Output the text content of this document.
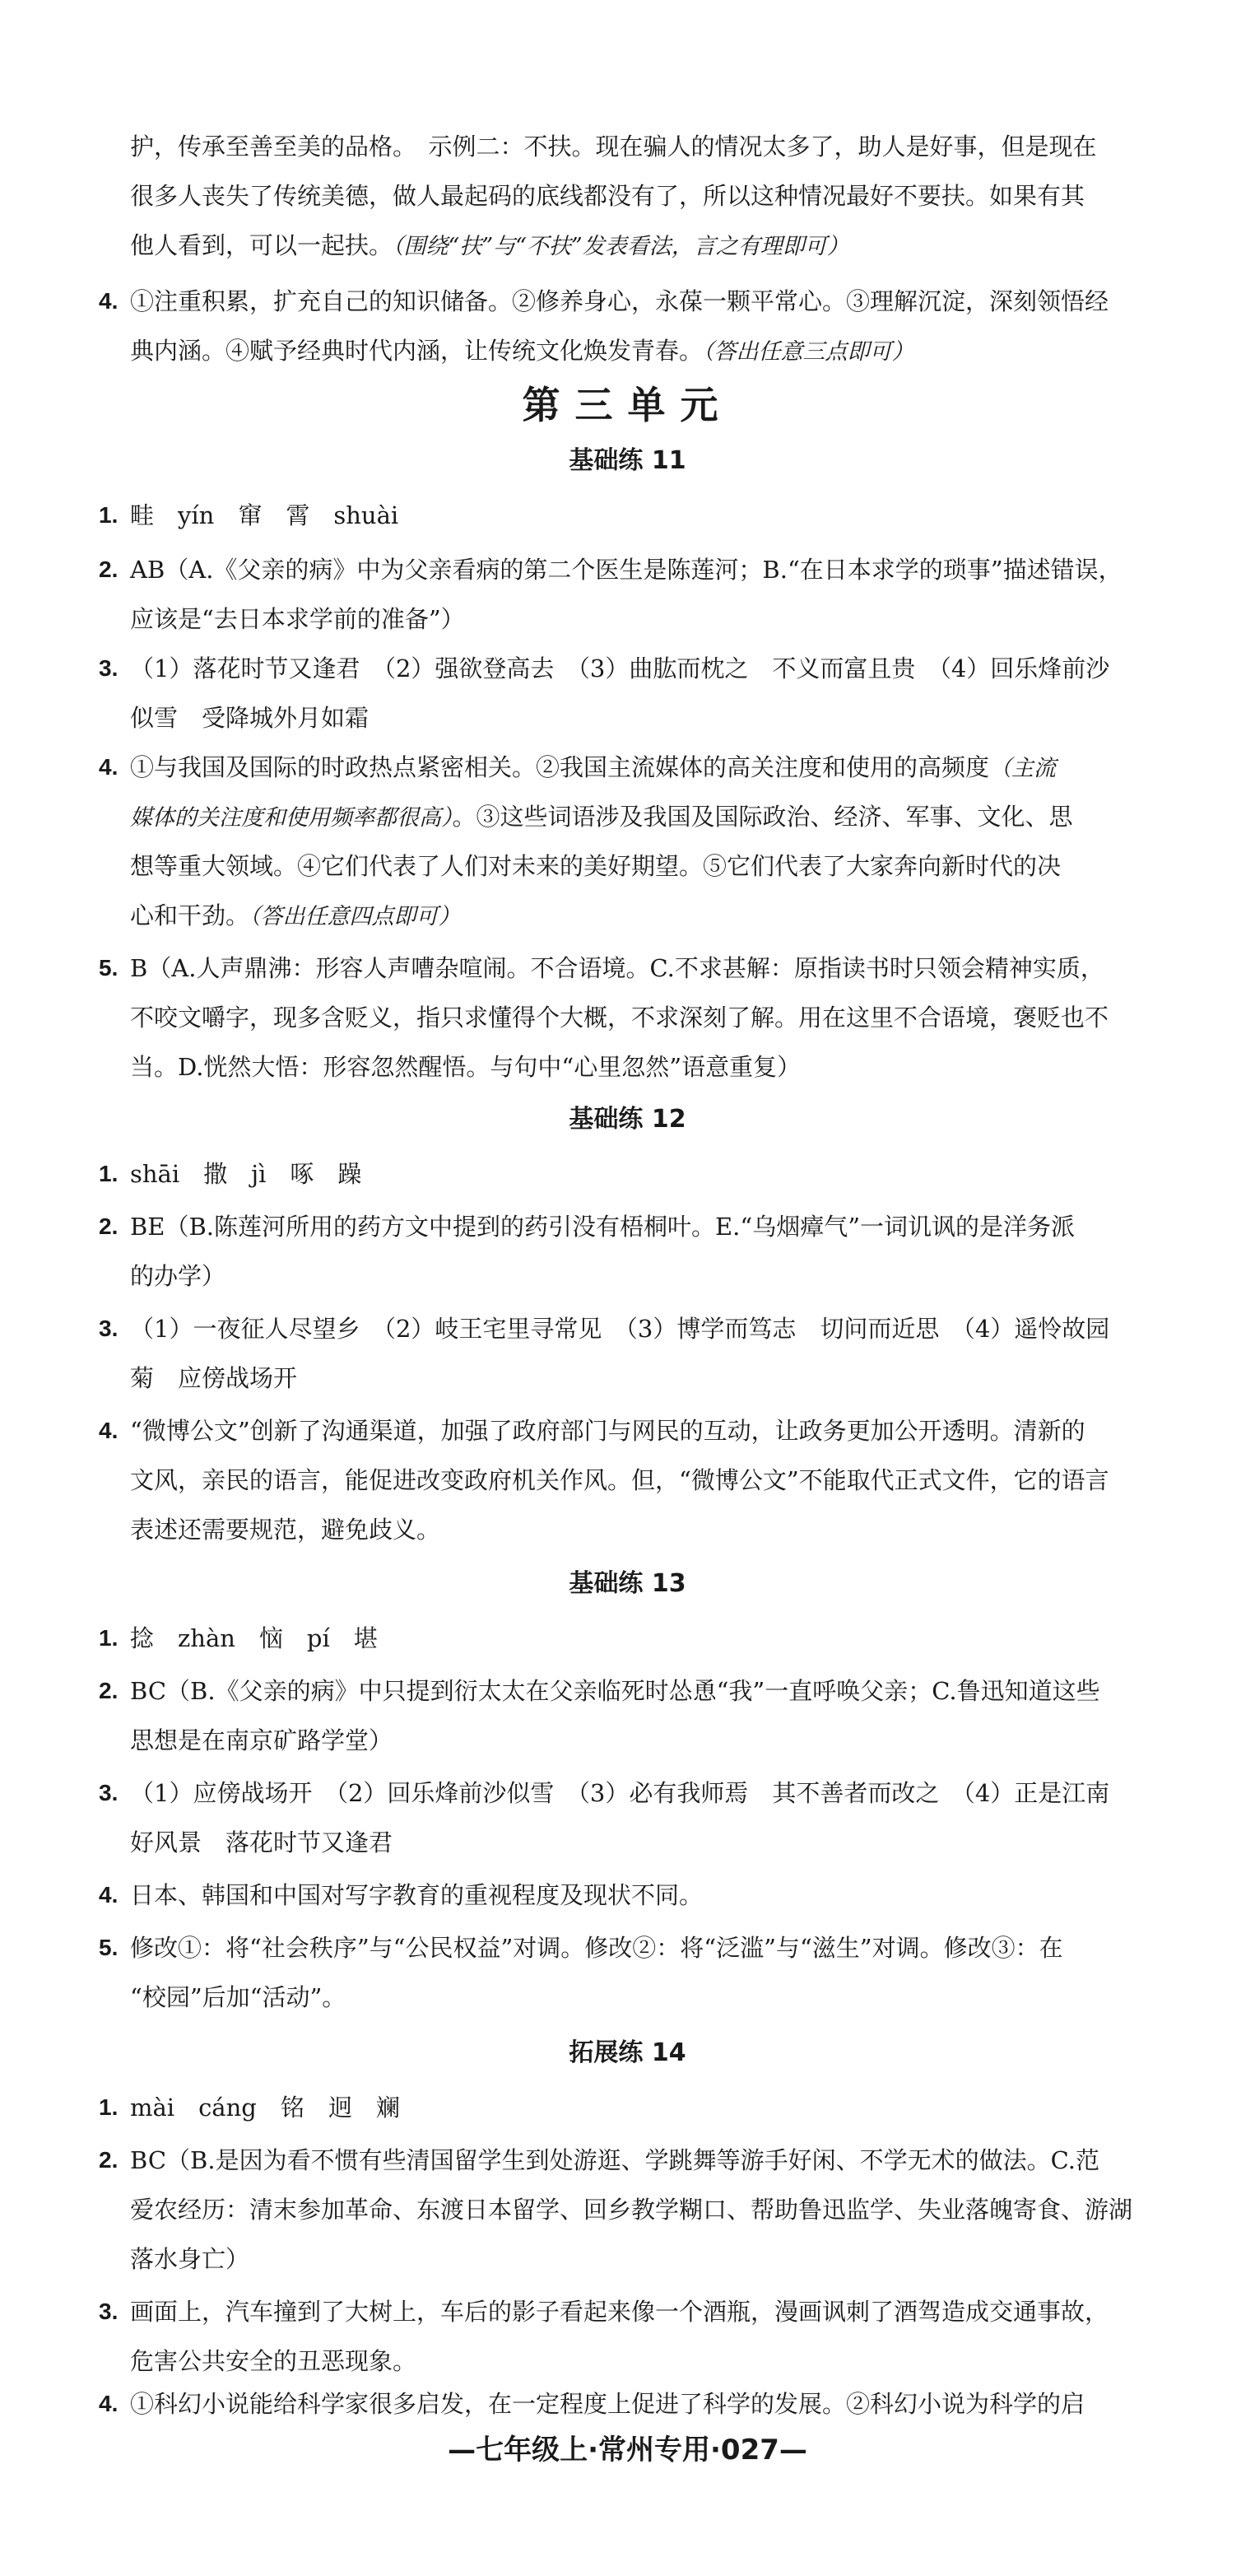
护，传承至善至美的品格。　示例二：不扶。现在骗人的情况太多了，助人是好事，但是现在
很多人丧失了传统美德，做人最起码的底线都没有了，所以这种情况最好不要扶。如果有其
他人看到，可以一起扶。（围绕“扶”与“不扶”发表看法，言之有理即可）
4. ①注重积累，扩充自己的知识储备。②修养身心，永葆一颗平常心。③理解沉淀，深刻领悟经
典内涵。④赋予经典时代内涵，让传统文化焕发青春。（答出任意三点即可）
第三单元
基础练 11
1. 畦　yín　窜　霄　shuài
2. AB（A.《父亲的病》中为父亲看病的第二个医生是陈莲河；B.“在日本求学的琐事”描述错误，
应该是“去日本求学前的准备”）
3. （1）落花时节又逢君　（2）强欲登高去　（3）曲肱而枕之　不义而富且贵　（4）回乐烽前沙
似雪　受降城外月如霜
4. ①与我国及国际的时政热点紧密相关。②我国主流媒体的高关注度和使用的高频度（主流
媒体的关注度和使用频率都很高）。③这些词语涉及我国及国际政治、经济、军事、文化、思
想等重大领域。④它们代表了人们对未来的美好期望。⑤它们代表了大家奔向新时代的决
心和干劲。（答出任意四点即可）
5. B（A.人声鼎沸：形容人声嘈杂喧闹。不合语境。C.不求甚解：原指读书时只领会精神实质，
不咬文嚼字，现多含贬义，指只求懂得个大概，不求深刻了解。用在这里不合语境，褒贬也不
当。D.恍然大悟：形容忽然醒悟。与句中“心里忽然”语意重复）
基础练 12
1. shāi　撒　jì　啄　躁
2. BE（B.陈莲河所用的药方文中提到的药引没有梧桐叶。E.“乌烟瘴气”一词讥讽的是洋务派
的办学）
3. （1）一夜征人尽望乡　（2）岐王宅里寻常见　（3）博学而笃志　切问而近思　（4）遥怜故园
菊　应傍战场开
4. “微博公文”创新了沟通渠道，加强了政府部门与网民的互动，让政务更加公开透明。清新的
文风，亲民的语言，能促进改变政府机关作风。但，“微博公文”不能取代正式文件，它的语言
表述还需要规范，避免歧义。
基础练 13
1. 捻　zhàn　恼　pí　堪
2. BC（B.《父亲的病》中只提到衍太太在父亲临死时怂恿“我”一直呼唤父亲；C.鲁迅知道这些
思想是在南京矿路学堂）
3. （1）应傍战场开　（2）回乐烽前沙似雪　（3）必有我师焉　其不善者而改之　（4）正是江南
好风景　落花时节又逢君
4. 日本、韩国和中国对写字教育的重视程度及现状不同。
5. 修改①：将“社会秩序”与“公民权益”对调。修改②：将“泛滥”与“滋生”对调。修改③：在
“校园”后加“活动”。
拓展练 14
1. mài　cáng　铭　迥　斓
2. BC（B.是因为看不惯有些清国留学生到处游逛、学跳舞等游手好闲、不学无术的做法。C.范
爱农经历：清末参加革命、东渡日本留学、回乡教学糊口、帮助鲁迅监学、失业落魄寄食、游湖
落水身亡）
3. 画面上，汽车撞到了大树上，车后的影子看起来像一个酒瓶，漫画讽刺了酒驾造成交通事故，
危害公共安全的丑恶现象。
4. ①科幻小说能给科学家很多启发，在一定程度上促进了科学的发展。②科幻小说为科学的启
—七年级上·常州专用·027—
